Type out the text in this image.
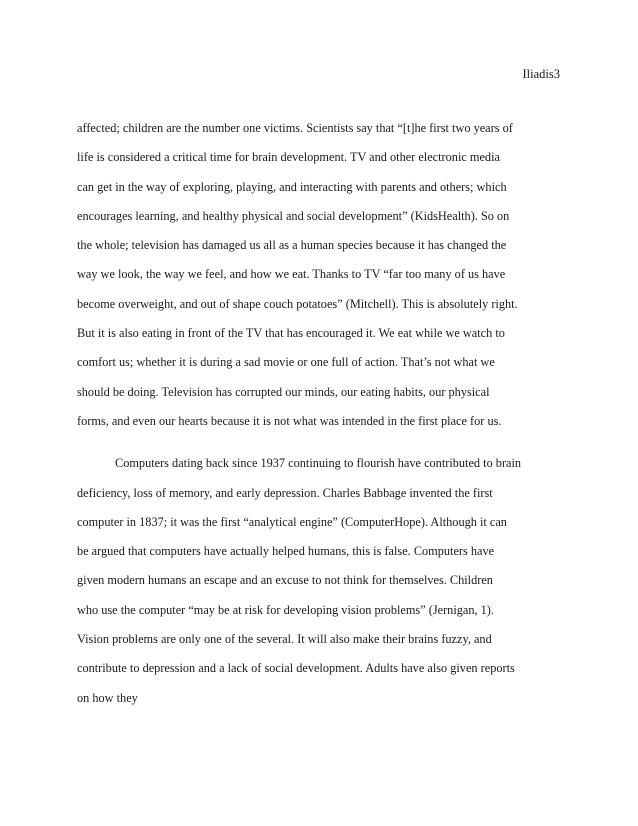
Iliadis3
affected; children are the number one victims. Scientists say that “[t]he first two years of
life is considered a critical time for brain development. TV and other electronic media
can get in the way of exploring, playing, and interacting with parents and others; which
encourages learning, and healthy physical and social development” (KidsHealth). So on
the whole; television has damaged us all as a human species because it has changed the
way we look, the way we feel, and how we eat. Thanks to TV “far too many of us have
become overweight, and out of shape couch potatoes” (Mitchell). This is absolutely right.
But it is also eating in front of the TV that has encouraged it. We eat while we watch to
comfort us; whether it is during a sad movie or one full of action. That’s not what we
should be doing. Television has corrupted our minds, our eating habits, our physical
forms, and even our hearts because it is not what was intended in the first place for us.
Computers dating back since 1937 continuing to flourish have contributed to brain
deficiency, loss of memory, and early depression. Charles Babbage invented the first
computer in 1837; it was the first “analytical engine” (ComputerHope). Although it can
be argued that computers have actually helped humans, this is false. Computers have
given modern humans an escape and an excuse to not think for themselves. Children
who use the computer “may be at risk for developing vision problems” (Jernigan, 1).
Vision problems are only one of the several. It will also make their brains fuzzy, and
contribute to depression and a lack of social development. Adults have also given reports
on how they
